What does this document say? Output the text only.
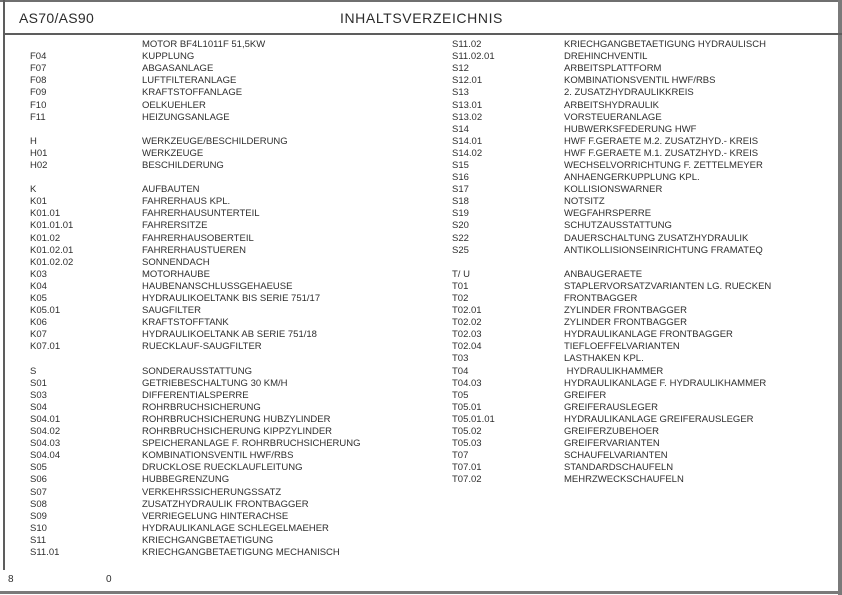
AS70/AS90	INHALTSVERZEICHNIS
MOTOR BF4L1011F 51,5KW
F04	KUPPLUNG
F07	ABGASANLAGE
F08	LUFTFILTERANLAGE
F09	KRAFTSTOFFANLAGE
F10	OELKUEHLER
F11	HEIZUNGSANLAGE
H	WERKZEUGE/BESCHILDERUNG
H01	WERKZEUGE
H02	BESCHILDERUNG
K	AUFBAUTEN
K01	FAHRERHAUS KPL.
K01.01	FAHRERHAUSUNTERTEIL
K01.01.01	FAHRERSITZE
K01.02	FAHRERHAUSOBERTEIL
K01.02.01	FAHRERHAUSTUEREN
K01.02.02	SONNENDACH
K03	MOTORHAUBE
K04	HAUBENANSCHLUSSGEHAEUSE
K05	HYDRAULIKOELTANK BIS SERIE 751/17
K05.01	SAUGFILTER
K06	KRAFTSTOFFTANK
K07	HYDRAULIKOELTANK AB SERIE 751/18
K07.01	RUECKLAUF-SAUGFILTER
S	SONDERAUSSTATTUNG
S01	GETRIEBESCHALTUNG 30 KM/H
S03	DIFFERENTIALSPERRE
S04	ROHRBRUCHSICHERUNG
S04.01	ROHRBRUCHSICHERUNG HUBZYLINDER
S04.02	ROHRBRUCHSICHERUNG KIPPZYLINDER
S04.03	SPEICHERANLAGE F. ROHRBRUCHSICHERUNG
S04.04	KOMBINATIONSVENTIL HWF/RBS
S05	DRUCKLOSE RUECKLAUFLEITUNG
S06	HUBBEGRENZUNG
S07	VERKEHRSSICHERUNGSSATZ
S08	ZUSATZHYDRAULIK FRONTBAGGER
S09	VERRIEGELUNG HINTERACHSE
S10	HYDRAULIKANLAGE SCHLEGELMAEHER
S11	KRIECHGANGBETAETIGUNG
S11.01	KRIECHGANGBETAETIGUNG MECHANISCH
S11.02	KRIECHGANGBETAETIGUNG HYDRAULISCH
S11.02.01	DREHINCHVENTIL
S12	ARBEITSPLATTFORM
S12.01	KOMBINATIONSVENTIL HWF/RBS
S13	2. ZUSATZHYDRAULIKKREIS
S13.01	ARBEITSHYDRAULIK
S13.02	VORSTEUERANLAGE
S14	HUBWERKSFEDERUNG HWF
S14.01	HWF F.GERAETE M.2. ZUSATZHYD.- KREIS
S14.02	HWF F.GERAETE M.1. ZUSATZHYD.- KREIS
S15	WECHSELVORRICHTUNG F. ZETTELMEYER
S16	ANHAENGERKUPPLUNG KPL.
S17	KOLLISIONSWARNER
S18	NOTSITZ
S19	WEGFAHRSPERRE
S20	SCHUTZAUSSTATTUNG
S22	DAUERSCHALTUNG ZUSATZHYDRAULIK
S25	ANTIKOLLISIONSEINRICHTUNG FRAMATEQ
T/ U	ANBAUGERAETE
T01	STAPLERVORSATZVARIANTEN LG. RUECKEN
T02	FRONTBAGGER
T02.01	ZYLINDER FRONTBAGGER
T02.02	ZYLINDER FRONTBAGGER
T02.03	HYDRAULIKANLAGE FRONTBAGGER
T02.04	TIEFLOEFFELVARIANTEN
T03	LASTHAKEN KPL.
T04	HYDRAULIKHAMMER
T04.03	HYDRAULIKANLAGE F. HYDRAULIKHAMMER
T05	GREIFER
T05.01	GREIFERAUSLEGER
T05.01.01	HYDRAULIKANLAGE GREIFERAUSLEGER
T05.02	GREIFERZUBEHOER
T05.03	GREIFERVARIANTEN
T07	SCHAUFELVARIANTEN
T07.01	STANDARDSCHAUFELN
T07.02	MEHRZWECKSCHAUFELN
8	0
